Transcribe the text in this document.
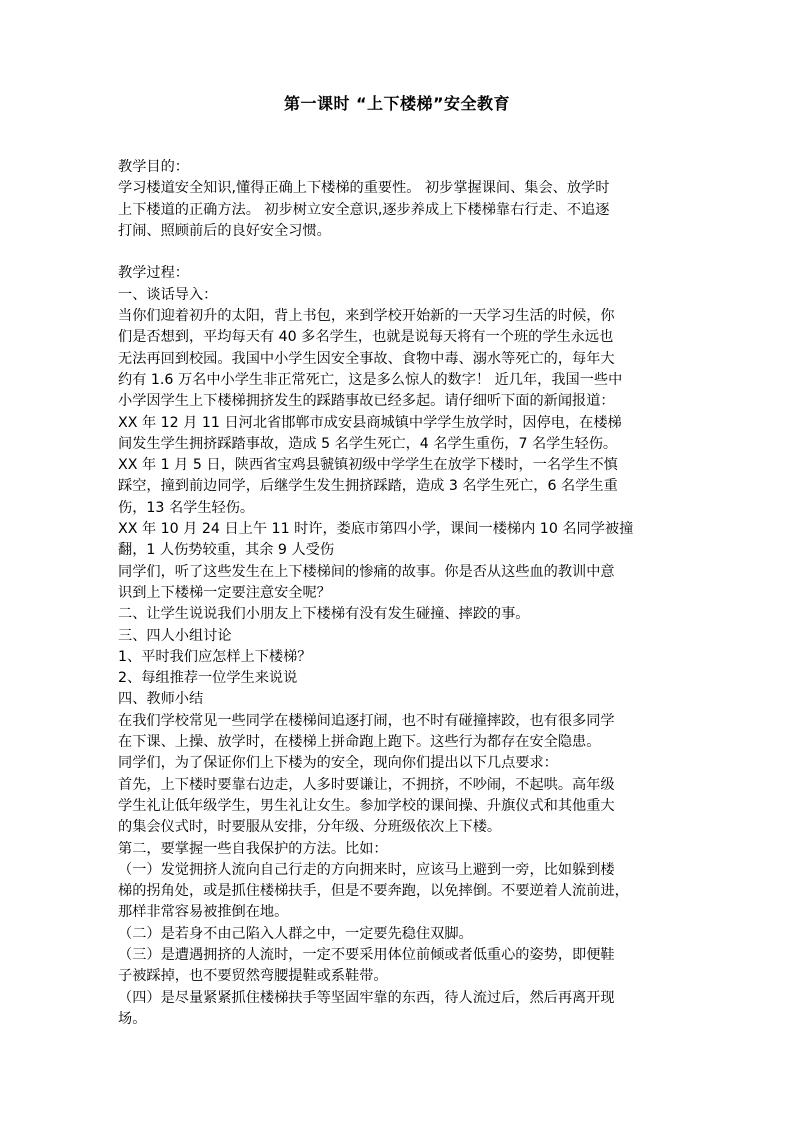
第一课时 “上下楼梯”安全教育

教学目的：

学习楼道安全知识,懂得正确上下楼梯的重要性。 初步掌握课间、集会、放学时

上下楼道的正确方法。 初步树立安全意识,逐步养成上下楼梯靠右行走、不追逐

打闹、照顾前后的良好安全习惯。

教学过程：

一、谈话导入：

当你们迎着初升的太阳，背上书包，来到学校开始新的一天学习生活的时候，你

们是否想到，平均每天有 40 多名学生，也就是说每天将有一个班的学生永远也

无法再回到校园。我国中小学生因安全事故、食物中毒、溺水等死亡的，每年大

约有 1.6 万名中小学生非正常死亡，这是多么惊人的数字！ 近几年，我国一些中

小学因学生上下楼梯拥挤发生的踩踏事故已经多起。请仔细听下面的新闻报道：

XX 年 12 月 11 日河北省邯郸市成安县商城镇中学学生放学时，因停电，在楼梯

间发生学生拥挤踩踏事故，造成 5 名学生死亡，4 名学生重伤，7 名学生轻伤。

XX 年 1 月 5 日，陕西省宝鸡县虢镇初级中学学生在放学下楼时，一名学生不慎

踩空，撞到前边同学，后继学生发生拥挤踩踏，造成 3 名学生死亡，6 名学生重

伤，13 名学生轻伤。

XX 年 10 月 24 日上午 11 时许，娄底市第四小学，课间一楼梯内 10 名同学被撞

翻，1 人伤势较重，其余 9 人受伤

同学们，听了这些发生在上下楼梯间的惨痛的故事。你是否从这些血的教训中意

识到上下楼梯一定要注意安全呢？

二、让学生说说我们小朋友上下楼梯有没有发生碰撞、摔跤的事。

三、四人小组讨论

1、平时我们应怎样上下楼梯？

2、每组推荐一位学生来说说

四、教师小结

在我们学校常见一些同学在楼梯间追逐打闹，也不时有碰撞摔跤，也有很多同学

在下课、上操、放学时，在楼梯上拼命跑上跑下。这些行为都存在安全隐患。

同学们，为了保证你们上下楼为的安全，现向你们提出以下几点要求：

首先，上下楼时要靠右边走，人多时要谦让，不拥挤，不吵闹，不起哄。高年级

学生礼让低年级学生，男生礼让女生。参加学校的课间操、升旗仪式和其他重大

的集会仪式时，时要服从安排，分年级、分班级依次上下楼。

第二，要掌握一些自我保护的方法。比如：

（一）发觉拥挤人流向自己行走的方向拥来时，应该马上避到一旁，比如躲到楼

梯的拐角处，或是抓住楼梯扶手，但是不要奔跑，以免摔倒。不要逆着人流前进，

那样非常容易被推倒在地。

（二）是若身不由己陷入人群之中，一定要先稳住双脚。

（三）是遭遇拥挤的人流时，一定不要采用体位前倾或者低重心的姿势，即便鞋

子被踩掉，也不要贸然弯腰提鞋或系鞋带。

（四）是尽量紧紧抓住楼梯扶手等坚固牢靠的东西，待人流过后，然后再离开现

场。
